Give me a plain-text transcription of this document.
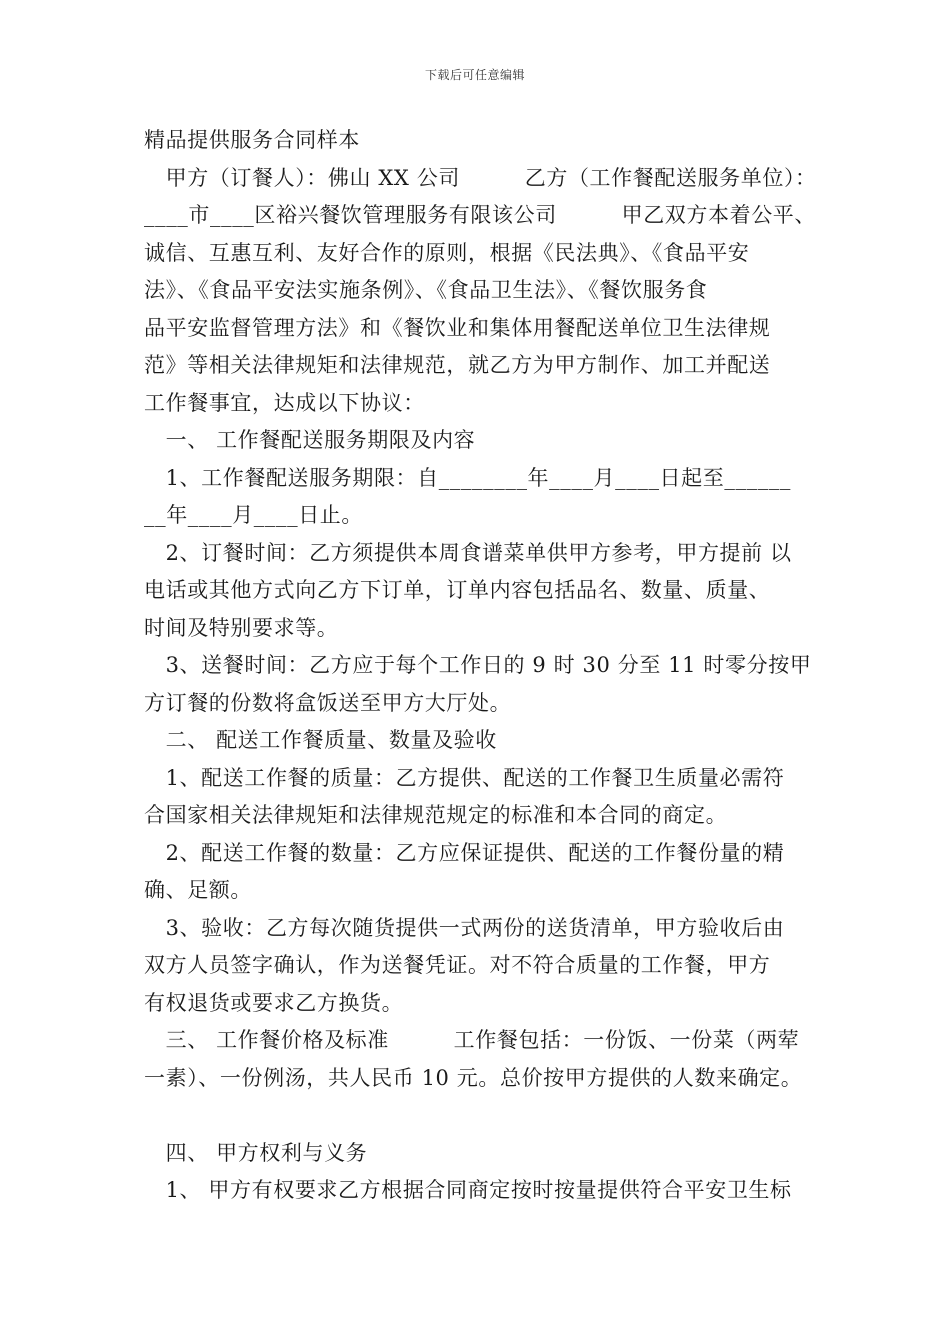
下载后可任意编辑
精品提供服务合同样本
　甲方（订餐人）：佛山 XX 公司　　　乙方（工作餐配送服务单位）：
____市____区裕兴餐饮管理服务有限该公司　　　甲乙双方本着公平、
诚信、互惠互利、友好合作的原则，根据《民法典》、《食品平安
法》、《食品平安法实施条例》、《食品卫生法》、《餐饮服务食
品平安监督管理方法》和《餐饮业和集体用餐配送单位卫生法律规
范》等相关法律规矩和法律规范，就乙方为甲方制作、加工并配送
工作餐事宜，达成以下协议：
　一、 工作餐配送服务期限及内容
　1、工作餐配送服务期限：自________年____月____日起至______
__年____月____日止。
　2、订餐时间：乙方须提供本周食谱菜单供甲方参考，甲方提前 以
电话或其他方式向乙方下订单，订单内容包括品名、数量、质量、
时间及特别要求等。
　3、送餐时间：乙方应于每个工作日的 9 时 30 分至 11 时零分按甲
方订餐的份数将盒饭送至甲方大厅处。
　二、 配送工作餐质量、数量及验收
　1、配送工作餐的质量：乙方提供、配送的工作餐卫生质量必需符
合国家相关法律规矩和法律规范规定的标准和本合同的商定。
　2、配送工作餐的数量：乙方应保证提供、配送的工作餐份量的精
确、足额。
　3、验收：乙方每次随货提供一式两份的送货清单，甲方验收后由
双方人员签字确认，作为送餐凭证。对不符合质量的工作餐，甲方
有权退货或要求乙方换货。
　三、 工作餐价格及标准　　　工作餐包括：一份饭、一份菜（两荤
一素）、一份例汤，共人民币 10 元。总价按甲方提供的人数来确定。
　四、 甲方权利与义务
　1、 甲方有权要求乙方根据合同商定按时按量提供符合平安卫生标
